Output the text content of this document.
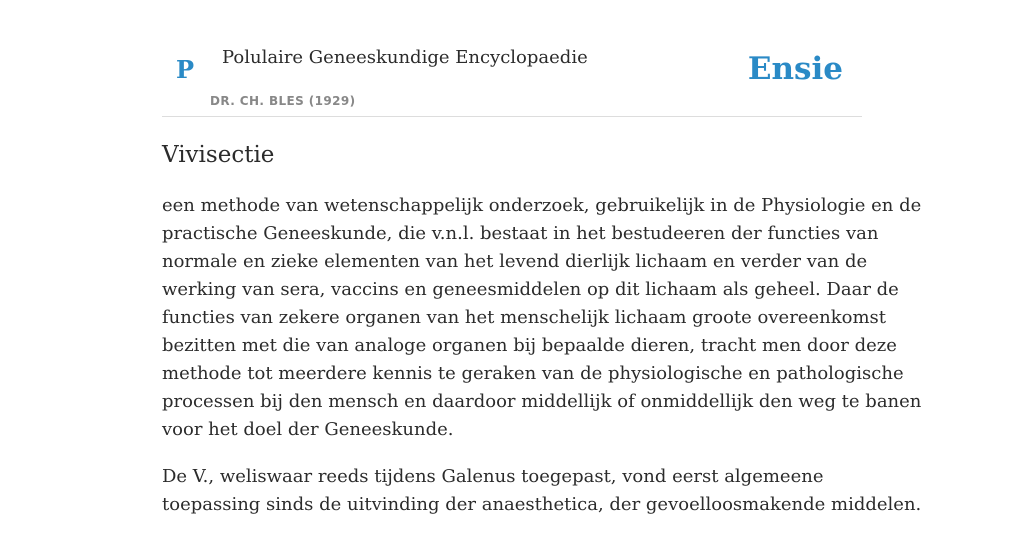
P Polulaire Geneeskundige Encyclopaedie
DR. CH. BLES (1929)
Ensie
Vivisectie

een methode van wetenschappelijk onderzoek, gebruikelijk in de Physiologie en de
practische Geneeskunde, die v.n.l. bestaat in het bestudeeren der functies van
normale en zieke elementen van het levend dierlijk lichaam en verder van de
werking van sera, vaccins en geneesmiddelen op dit lichaam als geheel. Daar de
functies van zekere organen van het menschelijk lichaam groote overeenkomst
bezitten met die van analoge organen bij bepaalde dieren, tracht men door deze
methode tot meerdere kennis te geraken van de physiologische en pathologische
processen bij den mensch en daardoor middellijk of onmiddellijk den weg te banen
voor het doel der Geneeskunde.

De V., weliswaar reeds tijdens Galenus toegepast, vond eerst algemeene
toepassing sinds de uitvinding der anaesthetica, der gevoelloosmakende middelen.
